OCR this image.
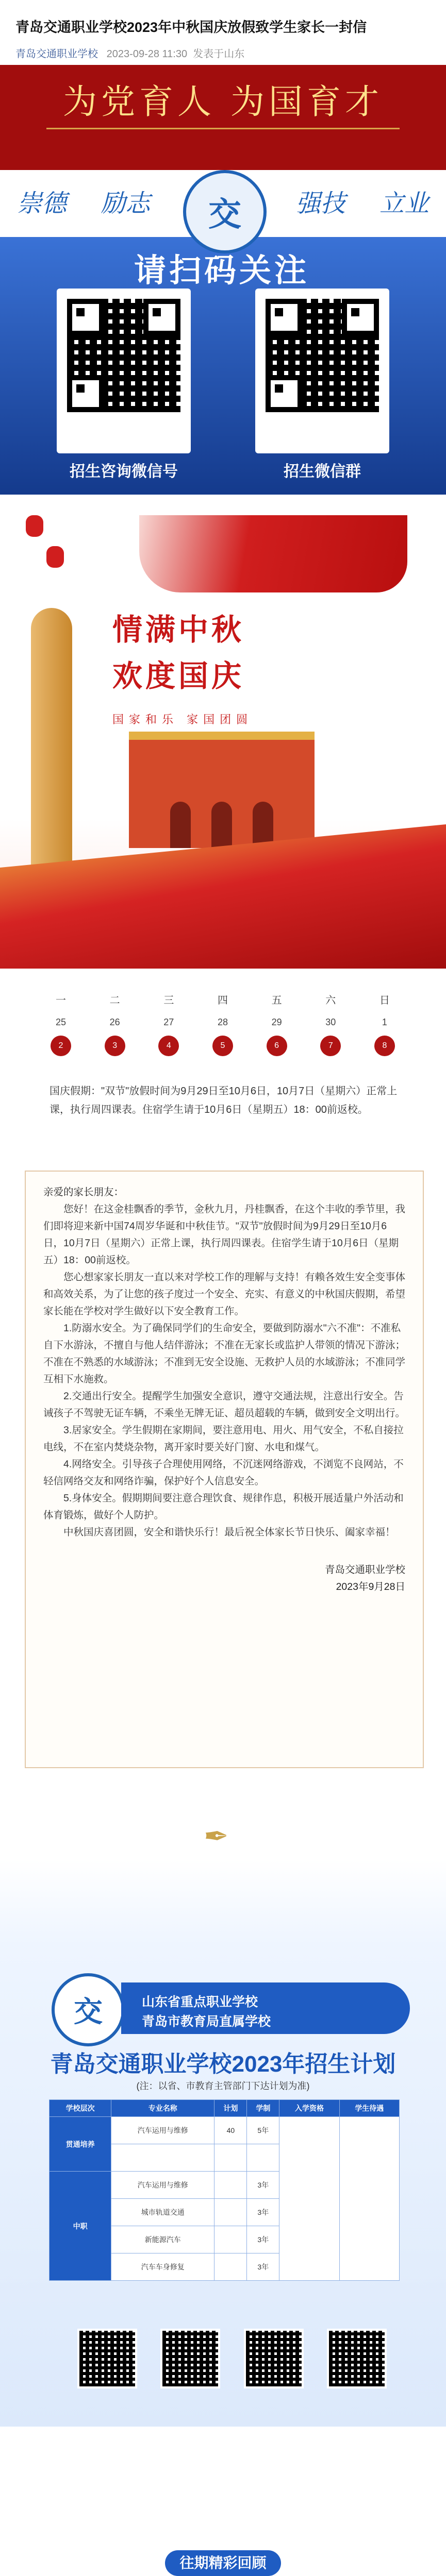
青岛交通职业学校2023年中秋国庆放假致学生家长一封信
青岛交通职业学校 2023-09-28 11:30 发表于山东
为党育人 为国育才
崇德 励志	强技 立业
交
请扫码关注
招生咨询微信号	招生微信群
情满中秋
欢度国庆
国家和乐 家国团圆
一	二	三	四	五	六	日
25	26	27	28	29	30	1
2	3	4	5	6	7	8
国庆假期："双节"放假时间为9月29日至10月6日，10月7日（星期六）正常上课，执行周四课表。住宿学生请于10月6日（星期五）18：00前返校。
亲爱的家长朋友：

您好！在这金桂飘香的季节，金秋九月，丹桂飘香，在这个丰收的季节里，我们即将迎来新中国74周岁华诞和中秋佳节。"双节"放假时间为9月29日至10月6日，10月7日（星期六）正常上课，执行周四课表。住宿学生请于10月6日（星期五）18：00前返校。

您心想家家长朋友一直以来对学校工作的理解与支持！有赖各效生安全变事体和高效关系，为了让您的孩子度过一个安全、充实、有意义的中秋国庆假期，希望家长能在学校对学生做好以下安全教育工作。

1.防溺水安全。为了确保同学们的生命安全，要做到防溺水"六不准"：不准私自下水游泳，不擅自与他人结伴游泳；不准在无家长或监护人带领的情况下游泳；不准在不熟悉的水域游泳；不准到无安全设施、无救护人员的水域游泳；不准同学互相下水施救。

2.交通出行安全。提醒学生加强安全意识，遵守交通法规，注意出行安全。告诫孩子不驾驶无证车辆，不乘坐无牌无证、超员超载的车辆，做到安全文明出行。

3.居家安全。学生假期在家期间，要注意用电、用火、用气安全，不私自接拉电线，不在室内焚烧杂物，离开家时要关好门窗、水电和煤气。

4.网络安全。引导孩子合理使用网络，不沉迷网络游戏，不浏览不良网站，不轻信网络交友和网络诈骗，保护好个人信息安全。

5.身体安全。假期期间要注意合理饮食、规律作息，积极开展适量户外活动和体育锻炼，做好个人防护。

中秋国庆喜团圆，安全和谐快乐行！最后祝全体家长节日快乐、阖家幸福！

青岛交通职业学校
2023年9月28日
✒
交	山东省重点职业学校
青岛市教育局直属学校
青岛交通职业学校2023年招生计划
(注：以省、市教育主管部门下达计划为准)
学校层次	专业名称	计划	学制	入学资格	学生待遇
贯通培养	汽车运用与维修	40	5年		

中职	汽车运用与维修		3年		
	城市轨道交通		3年		
	新能源汽车		3年		
	汽车车身修复		3年		
往期精彩回顾
